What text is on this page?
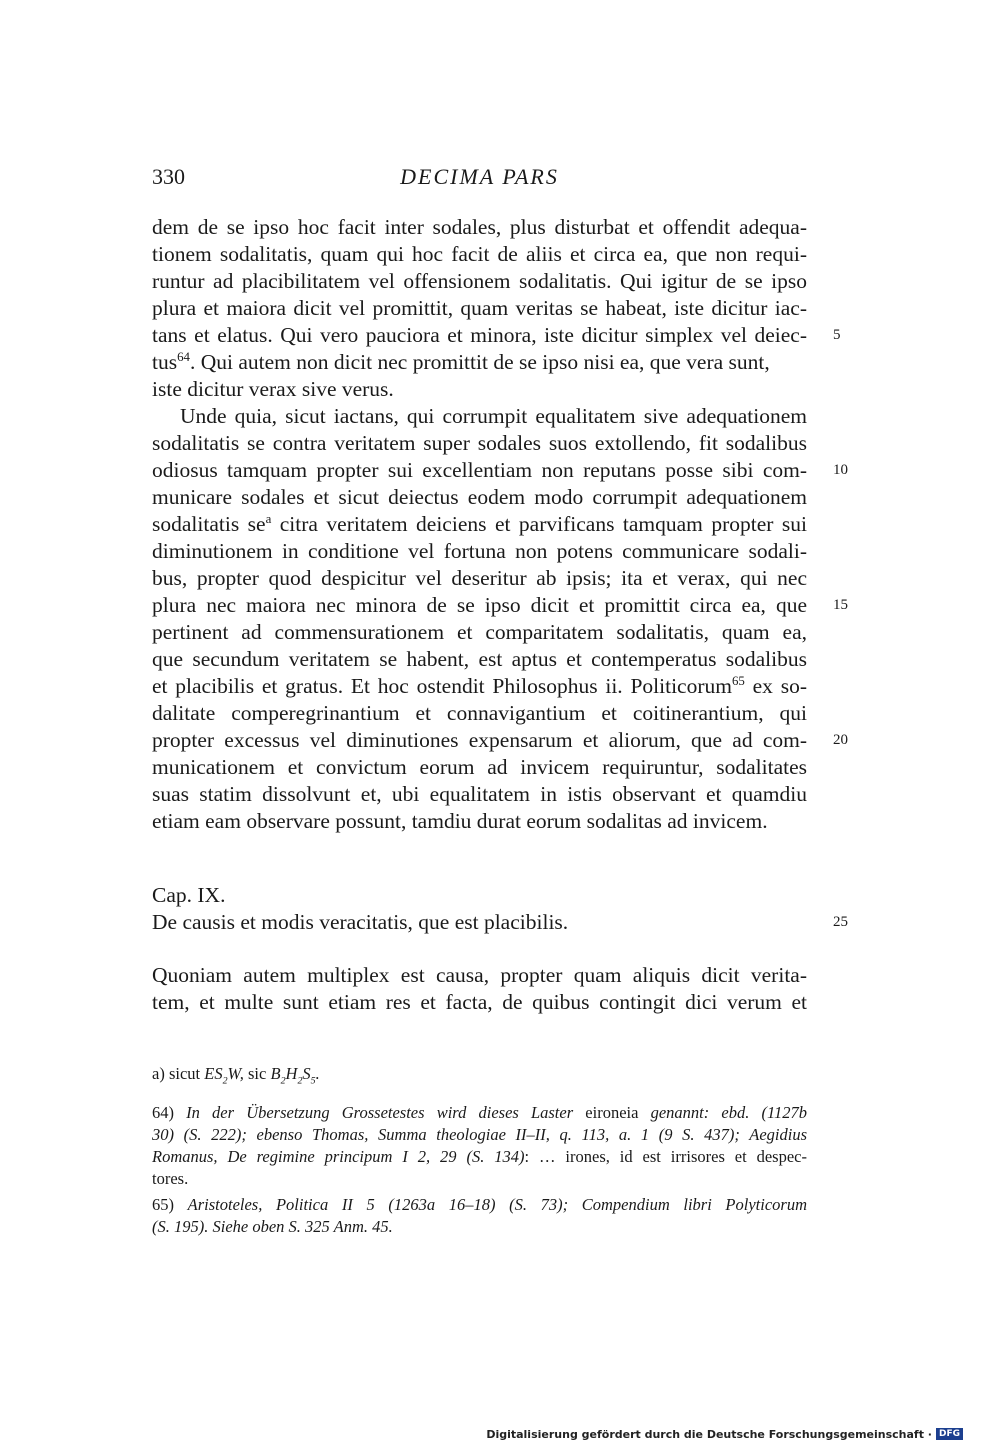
330	DECIMA PARS
dem de se ipso hoc facit inter sodales, plus disturbat et offendit adequa-
tionem sodalitatis, quam qui hoc facit de aliis et circa ea, que non requi-
runtur ad placibilitatem vel offensionem sodalitatis. Qui igitur de se ipso
plura et maiora dicit vel promittit, quam veritas se habeat, iste dicitur iac-
tans et elatus. Qui vero pauciora et minora, iste dicitur simplex vel deiec-
tus$^{64}$. Qui autem non dicit nec promittit de se ipso nisi ea, que vera sunt,
iste dicitur verax sive verus.
Unde quia, sicut iactans, qui corrumpit equalitatem sive adequationem
sodalitatis se contra veritatem super sodales suos extollendo, fit sodalibus
odiosus tamquam propter sui excellentiam non reputans posse sibi com-
municare sodales et sicut deiectus eodem modo corrumpit adequationem
sodalitatis $se^a$ citra veritatem deiciens et parvificans tamquam propter sui
diminutionem in conditione vel fortuna non potens communicare sodali-
bus, propter quod despicitur vel deseritur ab ipsis; ita et verax, qui nec
plura nec maiora nec minora de se ipso dicit et promittit circa ea, que
pertinent ad commensurationem et comparitatem sodalitatis, quam ea,
que secundum veritatem se habent, est aptus et contemperatus sodalibus
et placibilis et gratus. Et hoc ostendit Philosophus ii. Politicorum$^{65}$ ex so-
dalitate comperegrinantium et connavigantium et coitinerantium, qui
propter excessus vel diminutiones expensarum et aliorum, que ad com-
municationem et convictum eorum ad invicem requiruntur, sodalitates
suas statim dissolvunt et, ubi equalitatem in istis observant et quamdiu
etiam eam observare possunt, tamdiu durat eorum sodalitas ad invicem.
Cap. IX.
De causis et modis veracitatis, que est placibilis.
Quoniam autem multiplex est causa, propter quam aliquis dicit verita-
tem, et multe sunt etiam res et facta, de quibus contingit dici verum et
5
10
15
20
25
a) sicut $ES_2W$, sic $B_2H_2S_5$.
64) In der Übersetzung Grossetestes wird dieses Laster eironeia genannt: ebd. (1127b
30) (S. 222); ebenso Thomas, Summa theologiae II–II, q. 113, a. 1 (9 S. 437); Aegidius
Romanus, De regimine principum I 2, 29 (S. 134): … irones, id est irrisores et despec-
tores.
65) Aristoteles, Politica II 5 (1263a 16–18) (S. 73); Compendium libri Polyticorum
(S. 195). Siehe oben S. 325 Anm. 45.
Digitalisierung gefördert durch die Deutsche Forschungsgemeinschaft · DFG
